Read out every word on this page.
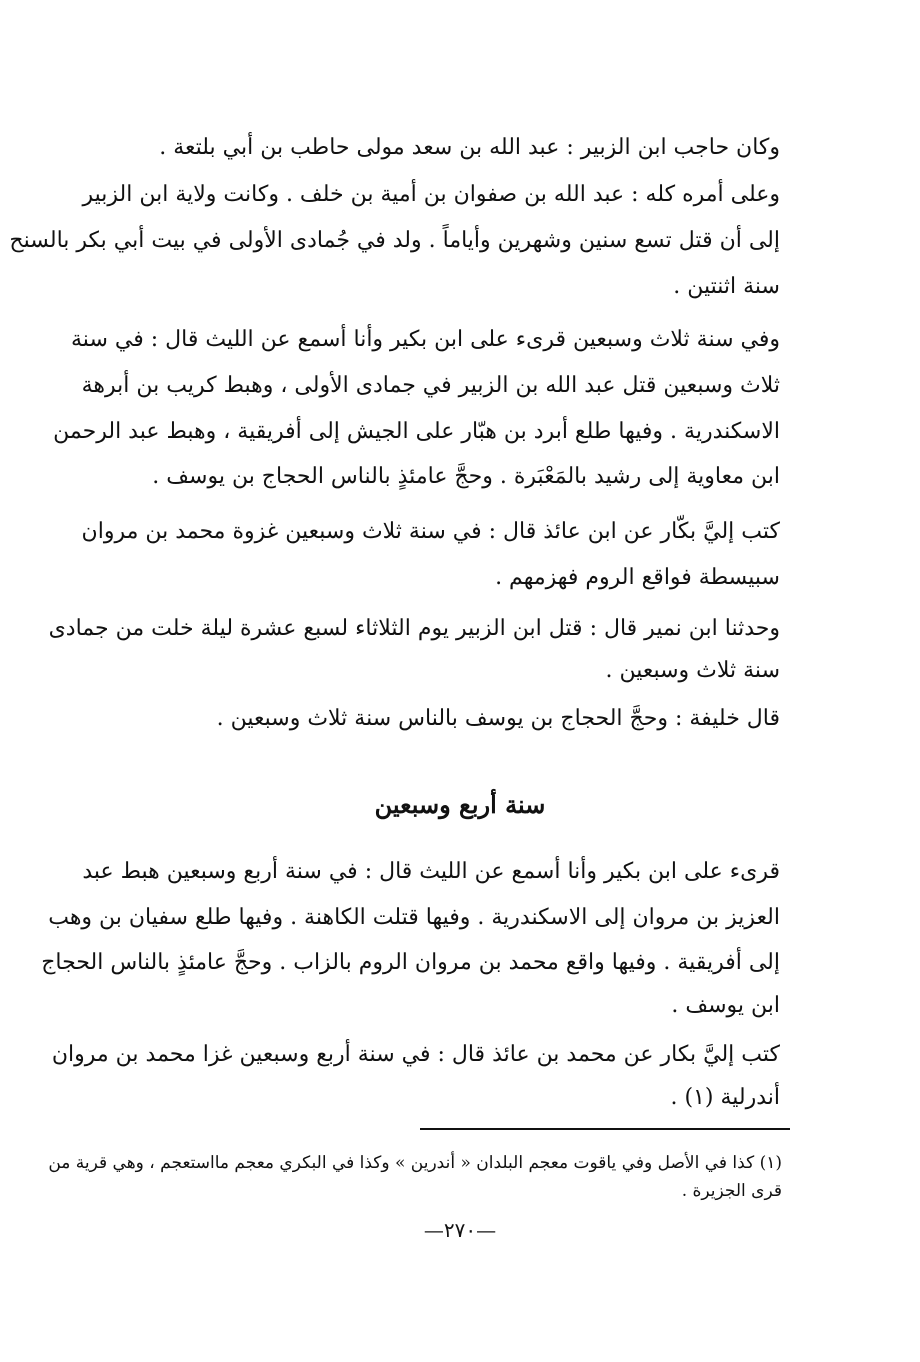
وكان حاجب ابن الزبير : عبد الله بن سعد مولى حاطب بن أبي بلتعة .
وعلى أمره كله : عبد الله بن صفوان بن أمية بن خلف . وكانت ولاية ابن الزبير
إلى أن قتل تسع سنين وشهرين وأياماً . ولد في جُمادى الأولى في بيت أبي بكر بالسنح
سنة اثنتين .
وفي سنة ثلاث وسبعين قرىء على ابن بكير وأنا أسمع عن الليث قال : في سنة
ثلاث وسبعين قتل عبد الله بن الزبير في جمادى الأولى ، وهبط كريب بن أبرهة
الاسكندرية . وفيها طلع أبرد بن هبّار على الجيش إلى أفريقية ، وهبط عبد الرحمن
ابن معاوية إلى رشيد بالمَعْبَرة . وحجَّ عامئذٍ بالناس الحجاج بن يوسف .
كتب إليَّ بكّار عن ابن عائذ قال : في سنة ثلاث وسبعين غزوة محمد بن مروان
سبيسطة فواقع الروم فهزمهم .
وحدثنا ابن نمير قال : قتل ابن الزبير يوم الثلاثاء لسبع عشرة ليلة خلت من جمادى
سنة ثلاث وسبعين .
قال خليفة : وحجَّ الحجاج بن يوسف بالناس سنة ثلاث وسبعين .
سنة أربع وسبعين
قرىء على ابن بكير وأنا أسمع عن الليث قال : في سنة أربع وسبعين هبط عبد
العزيز بن مروان إلى الاسكندرية . وفيها قتلت الكاهنة . وفيها طلع سفيان بن وهب
إلى أفريقية . وفيها واقع محمد بن مروان الروم بالزاب . وحجَّ عامئذٍ بالناس الحجاج
ابن يوسف .
كتب إليَّ بكار عن محمد بن عائذ قال : في سنة أربع وسبعين غزا محمد بن مروان
أندرلية (١) .
(١) كذا في الأصل وفي ياقوت معجم البلدان « أندرين » وكذا في البكري معجم مااستعجم ، وهي قرية من
قرى الجزيرة .
—٢٧٠—
